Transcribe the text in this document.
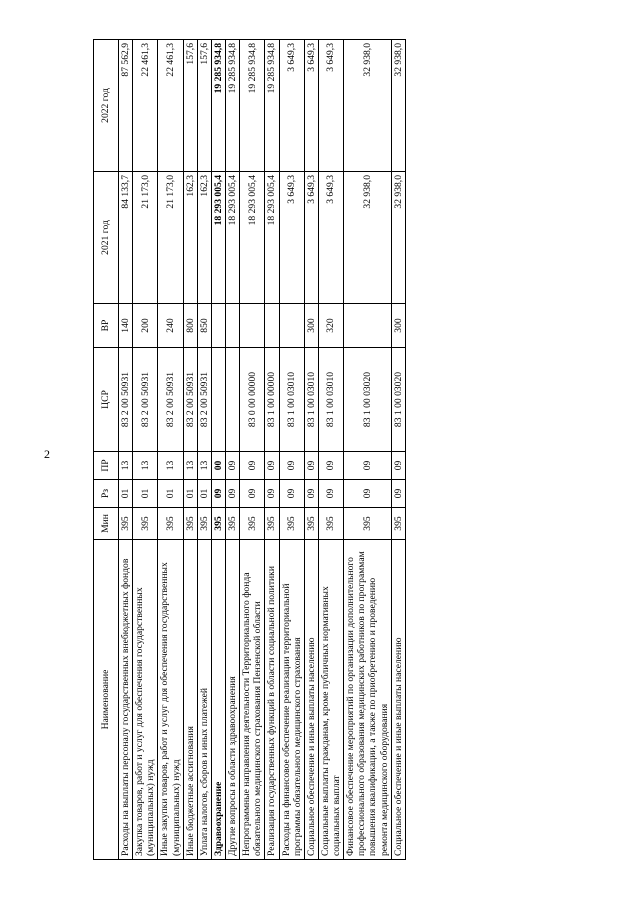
2
Наименование	Мин	Рз	ПР	ЦСР	ВР	2021 год	2022 год
Расходы на выплаты персоналу государственных внебюджетных фондов	395	01	13	83 2 00 50931	140	84 133,7	87 562,9
Закупка товаров, работ и услуг для обеспечения государственных (муниципальных) нужд	395	01	13	83 2 00 50931	200	21 173,0	22 461,3
Иные закупки товаров, работ и услуг для обеспечения государственных (муниципальных) нужд	395	01	13	83 2 00 50931	240	21 173,0	22 461,3
Иные бюджетные ассигнования	395	01	13	83 2 00 50931	800	162,3	157,6
Уплата налогов, сборов и иных платежей	395	01	13	83 2 00 50931	850	162,3	157,6
Здравоохранение	395	09	00			18 293 005,4	19 285 934,8
Другие вопросы в области здравоохранения	395	09	09			18 293 005,4	19 285 934,8
Непрограммные направления деятельности Территориального фонда обязательного медицинского страхования Пензенской области	395	09	09	83 0 00 00000		18 293 005,4	19 285 934,8
Реализация государственных функций в области социальной политики	395	09	09	83 1 00 00000		18 293 005,4	19 285 934,8
Расходы на финансовое обеспечение реализации территориальной программы обязательного медицинского страхования	395	09	09	83 1 00 03010		3 649,3	3 649,3
Социальное обеспечение и иные выплаты населению	395	09	09	83 1 00 03010	300	3 649,3	3 649,3
Социальные выплаты гражданам, кроме публичных нормативных социальных выплат	395	09	09	83 1 00 03010	320	3 649,3	3 649,3
Финансовое обеспечение мероприятий по организации дополнительного профессионального образования медицинских работников по программам повышения квалификации, а также по приобретению и проведению ремонта медицинского оборудования	395	09	09	83 1 00 03020		32 938,0	32 938,0
Социальное обеспечение и иные выплаты населению	395	09	09	83 1 00 03020	300	32 938,0	32 938,0
